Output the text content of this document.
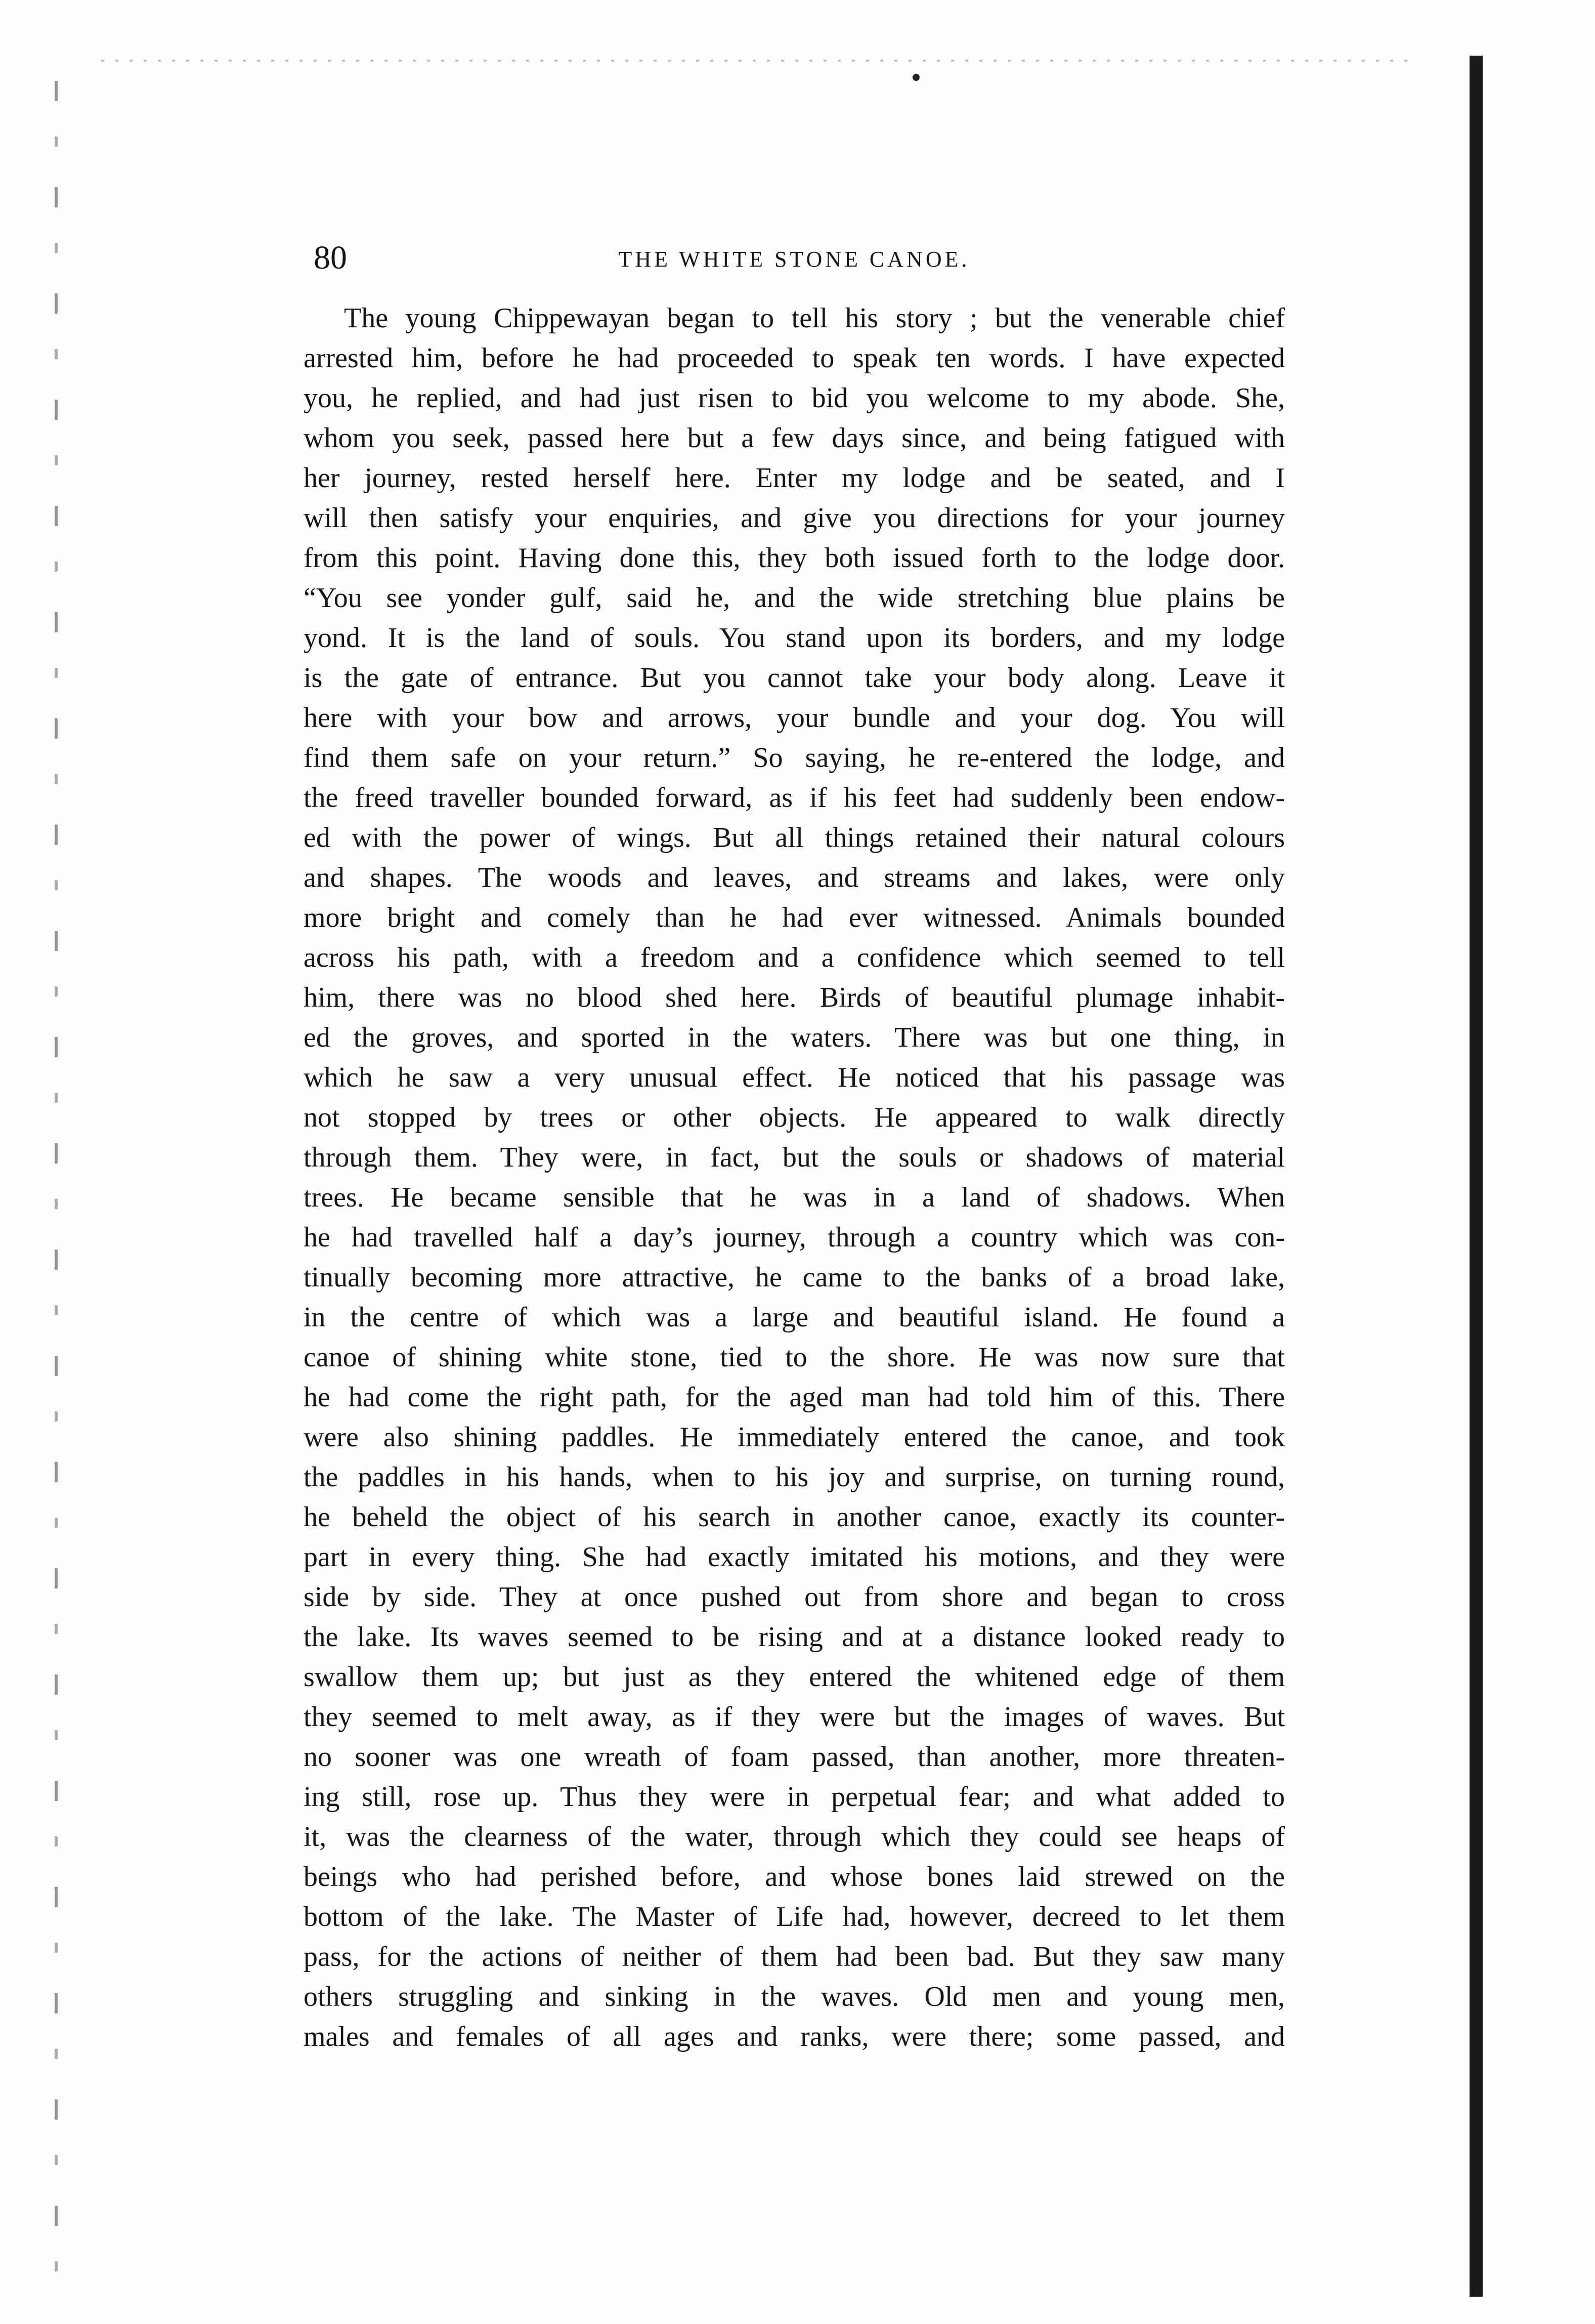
80	THE WHITE STONE CANOE.
The young Chippewayan began to tell his story ; but the venerable chief
arrested him, before he had proceeded to speak ten words. I have expected
you, he replied, and had just risen to bid you welcome to my abode. She,
whom you seek, passed here but a few days since, and being fatigued with
her journey, rested herself here. Enter my lodge and be seated, and I
will then satisfy your enquiries, and give you directions for your journey
from this point. Having done this, they both issued forth to the lodge door.
“You see yonder gulf, said he, and the wide stretching blue plains be
yond. It is the land of souls. You stand upon its borders, and my lodge
is the gate of entrance. But you cannot take your body along. Leave it
here with your bow and arrows, your bundle and your dog. You will
find them safe on your return.” So saying, he re-entered the lodge, and
the freed traveller bounded forward, as if his feet had suddenly been endow-
ed with the power of wings. But all things retained their natural colours
and shapes. The woods and leaves, and streams and lakes, were only
more bright and comely than he had ever witnessed. Animals bounded
across his path, with a freedom and a confidence which seemed to tell
him, there was no blood shed here. Birds of beautiful plumage inhabit-
ed the groves, and sported in the waters. There was but one thing, in
which he saw a very unusual effect. He noticed that his passage was
not stopped by trees or other objects. He appeared to walk directly
through them. They were, in fact, but the souls or shadows of material
trees. He became sensible that he was in a land of shadows. When
he had travelled half a day’s journey, through a country which was con-
tinually becoming more attractive, he came to the banks of a broad lake,
in the centre of which was a large and beautiful island. He found a
canoe of shining white stone, tied to the shore. He was now sure that
he had come the right path, for the aged man had told him of this. There
were also shining paddles. He immediately entered the canoe, and took
the paddles in his hands, when to his joy and surprise, on turning round,
he beheld the object of his search in another canoe, exactly its counter-
part in every thing. She had exactly imitated his motions, and they were
side by side. They at once pushed out from shore and began to cross
the lake. Its waves seemed to be rising and at a distance looked ready to
swallow them up; but just as they entered the whitened edge of them
they seemed to melt away, as if they were but the images of waves. But
no sooner was one wreath of foam passed, than another, more threaten-
ing still, rose up. Thus they were in perpetual fear; and what added to
it, was the clearness of the water, through which they could see heaps of
beings who had perished before, and whose bones laid strewed on the
bottom of the lake. The Master of Life had, however, decreed to let them
pass, for the actions of neither of them had been bad. But they saw many
others struggling and sinking in the waves. Old men and young men,
males and females of all ages and ranks, were there; some passed, and
